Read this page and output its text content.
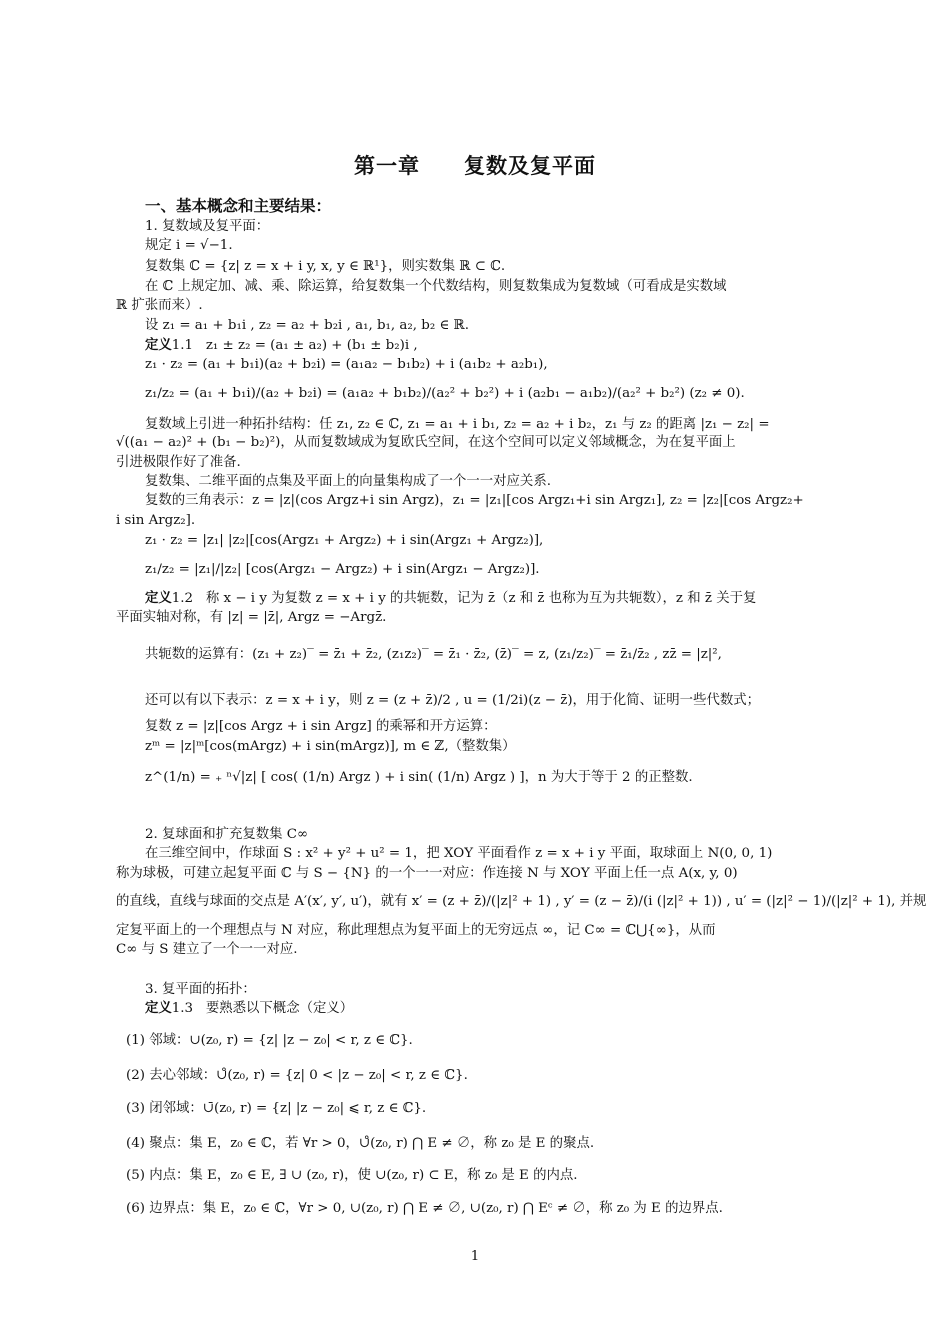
第一章　　复数及复平面
一、基本概念和主要结果：
1. 复数域及复平面：
规定 i = √−1.
复数集 ℂ = {z| z = x + i y, x, y ∈ ℝ¹}，则实数集 ℝ ⊂ ℂ.
在 ℂ 上规定加、减、乘、除运算，给复数集一个代数结构，则复数集成为复数域（可看成是实数域
ℝ 扩张而来）.
设 z₁ = a₁ + b₁i , z₂ = a₂ + b₂i , a₁, b₁, a₂, b₂ ∈ ℝ.
定义1.1 z₁ ± z₂ = (a₁ ± a₂) + (b₁ ± b₂)i ,
z₁ · z₂ = (a₁ + b₁i)(a₂ + b₂i) = (a₁a₂ − b₁b₂) + i (a₁b₂ + a₂b₁),
z₁/z₂ = (a₁ + b₁i)/(a₂ + b₂i) = (a₁a₂ + b₁b₂)/(a₂² + b₂²) + i (a₂b₁ − a₁b₂)/(a₂² + b₂²) (z₂ ≠ 0).
复数域上引进一种拓扑结构：任 z₁, z₂ ∈ ℂ, z₁ = a₁ + i b₁, z₂ = a₂ + i b₂，z₁ 与 z₂ 的距离 |z₁ − z₂| =
√((a₁ − a₂)² + (b₁ − b₂)²)，从而复数域成为复欧氏空间，在这个空间可以定义邻域概念，为在复平面上
引进极限作好了准备.
复数集、二维平面的点集及平面上的向量集构成了一个一一对应关系.
复数的三角表示：z = |z|(cos Argz+i sin Argz)，z₁ = |z₁|[cos Argz₁+i sin Argz₁], z₂ = |z₂|[cos Argz₂+
i sin Argz₂].
z₁ · z₂ = |z₁| |z₂|[cos(Argz₁ + Argz₂) + i sin(Argz₁ + Argz₂)],
z₁/z₂ = |z₁|/|z₂| [cos(Argz₁ − Argz₂) + i sin(Argz₁ − Argz₂)].
定义1.2 称 x − i y 为复数 z = x + i y 的共轭数，记为 z̄（z 和 z̄ 也称为互为共轭数），z 和 z̄ 关于复
平面实轴对称，有 |z| = |z̄|, Argz = −Argz̄.
共轭数的运算有：(z₁ + z₂)‾ = z̄₁ + z̄₂, (z₁z₂)‾ = z̄₁ · z̄₂, (z̄)‾ = z, (z₁/z₂)‾ = z̄₁/z̄₂ , zz̄ = |z|²,
还可以有以下表示：z = x + i y，则 z = (z + z̄)/2 , u = (1/2i)(z − z̄)，用于化简、证明一些代数式；
复数 z = |z|[cos Argz + i sin Argz] 的乘幂和开方运算：
zᵐ = |z|ᵐ[cos(mArgz) + i sin(mArgz)], m ∈ ℤ,（整数集）
z^(1/n) = ₊ ⁿ√|z| [ cos( (1/n) Argz ) + i sin( (1/n) Argz ) ]，n 为大于等于 2 的正整数.
2. 复球面和扩充复数集 C∞
在三维空间中，作球面 S : x² + y² + u² = 1，把 XOY 平面看作 z = x + i y 平面，取球面上 N(0, 0, 1)
称为球极，可建立起复平面 ℂ 与 S − {N} 的一个一一对应：作连接 N 与 XOY 平面上任一点 A(x, y, 0)
的直线，直线与球面的交点是 A′(x′, y′, u′)，就有 x′ = (z + z̄)/(|z|² + 1) , y′ = (z − z̄)/(i (|z|² + 1)) , u′ = (|z|² − 1)/(|z|² + 1), 并规
定复平面上的一个理想点与 N 对应，称此理想点为复平面上的无穷远点 ∞，记 C∞ = ℂ⋃{∞}，从而
C∞ 与 S 建立了一个一一对应.
3. 复平面的拓扑：
定义1.3 要熟悉以下概念（定义）
(1) 邻域：∪(z₀, r) = {z| |z − z₀| < r, z ∈ ℂ}.
(2) 去心邻域：∪̊(z₀, r) = {z| 0 < |z − z₀| < r, z ∈ ℂ}.
(3) 闭邻域：∪̄(z₀, r) = {z| |z − z₀| ⩽ r, z ∈ ℂ}.
(4) 聚点：集 E，z₀ ∈ ℂ，若 ∀r > 0，∪̊(z₀, r) ⋂ E ≠ ∅，称 z₀ 是 E 的聚点.
(5) 内点：集 E，z₀ ∈ E, ∃ ∪ (z₀, r)，使 ∪(z₀, r) ⊂ E，称 z₀ 是 E 的内点.
(6) 边界点：集 E，z₀ ∈ ℂ，∀r > 0, ∪(z₀, r) ⋂ E ≠ ∅, ∪(z₀, r) ⋂ Eᶜ ≠ ∅，称 z₀ 为 E 的边界点.
1
